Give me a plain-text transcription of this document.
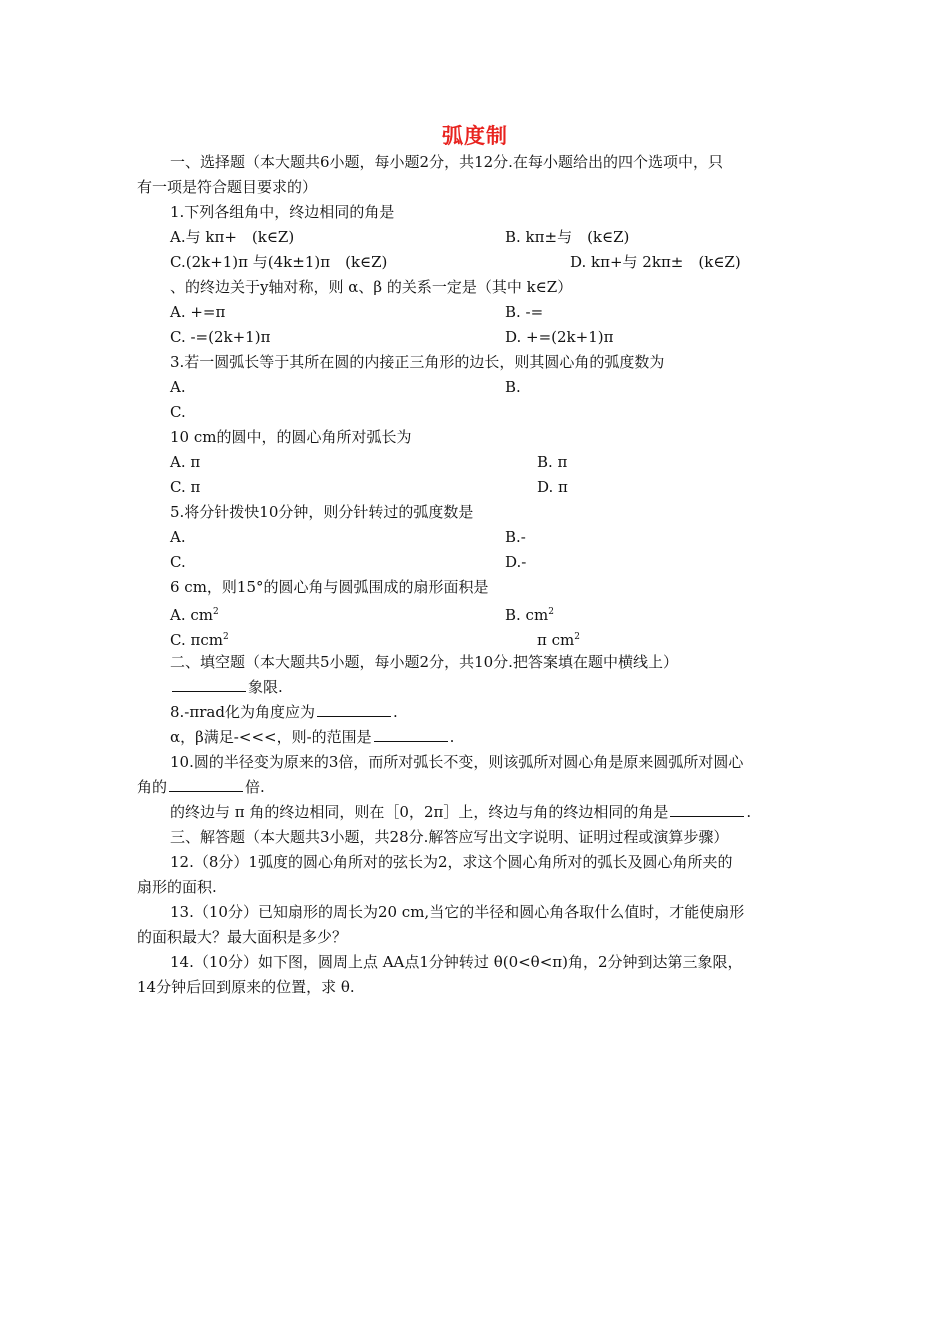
弧度制
一、选择题（本大题共6小题，每小题2分，共12分.在每小题给出的四个选项中，只
有一项是符合题目要求的）
1.下列各组角中，终边相同的角是
A.与 kπ+　(k∈Z)	B. kπ±与　(k∈Z)
C.(2k+1)π 与(4k±1)π　(k∈Z)	D. kπ+与 2kπ±　(k∈Z)
、的终边关于y轴对称，则 α、β 的关系一定是（其中 k∈Z）
A. +=π	B. -=
C. -=(2k+1)π	D. +=(2k+1)π
3.若一圆弧长等于其所在圆的内接正三角形的边长，则其圆心角的弧度数为
A.	B.
C.
10 cm的圆中，的圆心角所对弧长为
A. π	B. π
C. π	D. π
5.将分针拨快10分钟，则分针转过的弧度数是
A.	B.-
C.	D.-
6 cm，则15°的圆心角与圆弧围成的扇形面积是
A. $cm^2$	B. $cm^2$
C. πcm$^2$	π $cm^2$
二、填空题（本大题共5小题，每小题2分，共10分.把答案填在题中横线上）
象限.
8.-πrad化为角度应为	.
α，β满足-<<<，则-的范围是	.
10.圆的半径变为原来的3倍，而所对弧长不变，则该弧所对圆心角是原来圆弧所对圆心
角的	倍.
的终边与 π 角的终边相同，则在［0，2π］上，终边与角的终边相同的角是	.
三、解答题（本大题共3小题，共28分.解答应写出文字说明、证明过程或演算步骤）
12.（8分）1弧度的圆心角所对的弦长为2，求这个圆心角所对的弧长及圆心角所夹的
扇形的面积.
13.（10分）已知扇形的周长为20 cm,当它的半径和圆心角各取什么值时，才能使扇形
的面积最大？最大面积是多少？
14.（10分）如下图，圆周上点 AA点1分钟转过 θ(0<θ<π)角，2分钟到达第三象限，
14分钟后回到原来的位置，求 θ.
